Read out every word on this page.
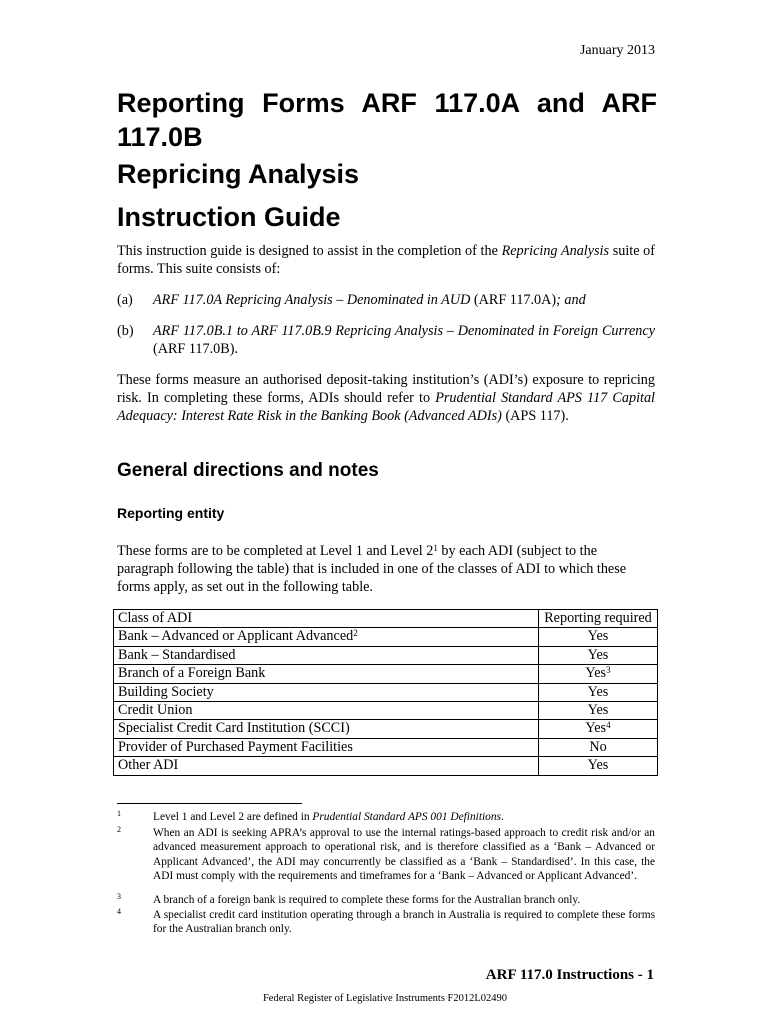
January 2013
Reporting Forms ARF 117.0A and ARF 117.0B
Repricing Analysis
Instruction Guide

This instruction guide is designed to assist in the completion of the Repricing Analysis suite of forms. This suite consists of:

(a) ARF 117.0A Repricing Analysis – Denominated in AUD (ARF 117.0A); and
(b) ARF 117.0B.1 to ARF 117.0B.9 Repricing Analysis – Denominated in Foreign Currency (ARF 117.0B).

These forms measure an authorised deposit-taking institution’s (ADI’s) exposure to repricing risk. In completing these forms, ADIs should refer to Prudential Standard APS 117 Capital Adequacy: Interest Rate Risk in the Banking Book (Advanced ADIs) (APS 117).

General directions and notes
Reporting entity

These forms are to be completed at Level 1 and Level $2^1$ by each ADI (subject to the paragraph following the table) that is included in one of the classes of ADI to which these forms apply, as set out in the following table.

Class of ADI	Reporting required
Bank – Advanced or Applicant Advanced$^2$	Yes
Bank – Standardised	Yes
Branch of a Foreign Bank	Yes$^3$
Building Society	Yes
Credit Union	Yes
Specialist Credit Card Institution (SCCI)	Yes$^4$
Provider of Purchased Payment Facilities	No
Other ADI	Yes
1	Level 1 and Level 2 are defined in Prudential Standard APS 001 Definitions.
2	When an ADI is seeking APRA’s approval to use the internal ratings-based approach to credit risk and/or an advanced measurement approach to operational risk, and is therefore classified as a ‘Bank – Advanced or Applicant Advanced’, the ADI may concurrently be classified as a ‘Bank – Standardised’. In this case, the ADI must comply with the requirements and timeframes for a ‘Bank – Advanced or Applicant Advanced’.
3	A branch of a foreign bank is required to complete these forms for the Australian branch only.
4	A specialist credit card institution operating through a branch in Australia is required to complete these forms for the Australian branch only.
ARF 117.0 Instructions - 1
Federal Register of Legislative Instruments F2012L02490
